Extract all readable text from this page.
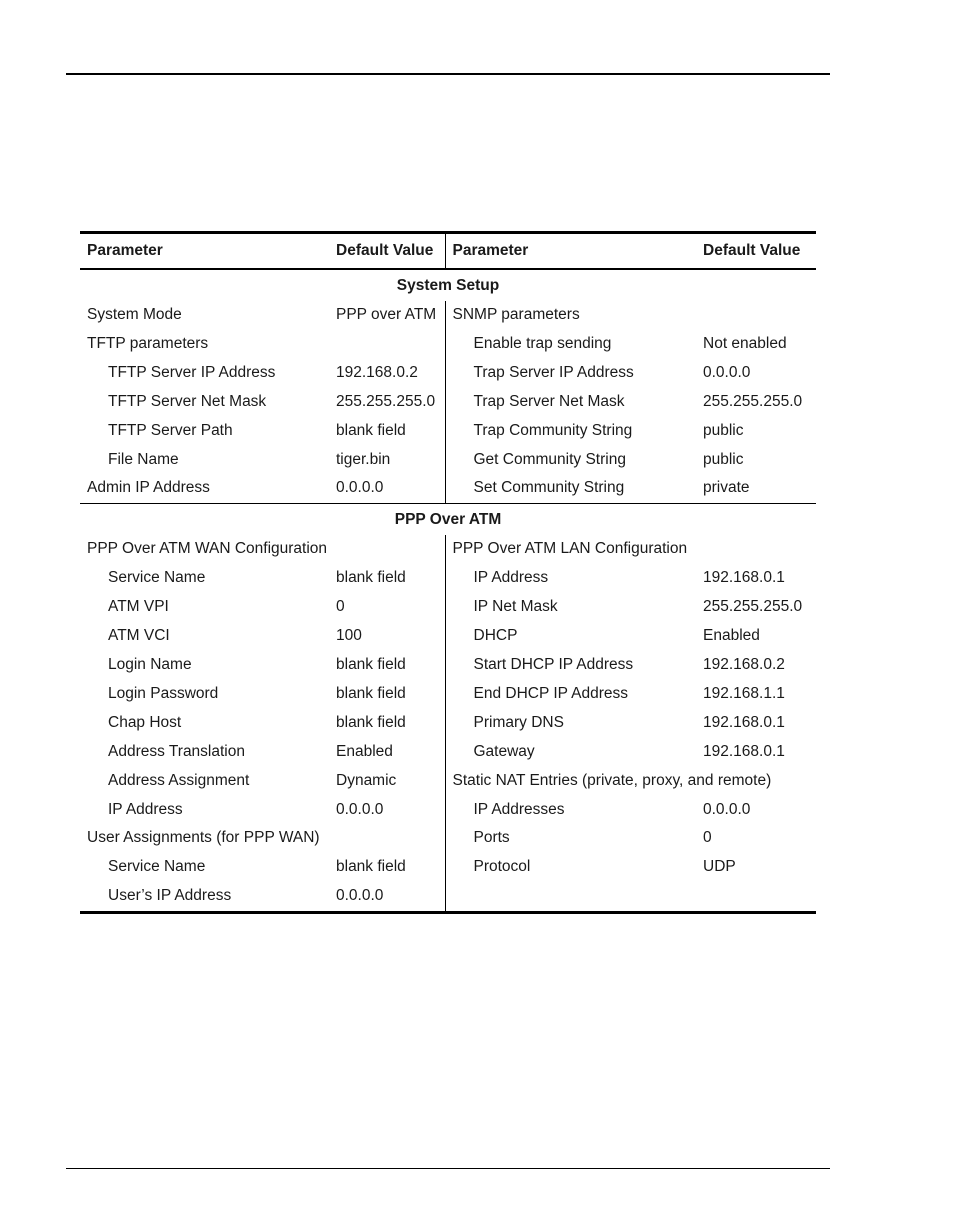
Parameter	Default Value	Parameter	Default Value
System Setup			
System Mode	PPP over ATM	SNMP parameters	
TFTP parameters		Enable trap sending	Not enabled
TFTP Server IP Address	192.168.0.2	Trap Server IP Address	0.0.0.0
TFTP Server Net Mask	255.255.255.0	Trap Server Net Mask	255.255.255.0
TFTP Server Path	blank field	Trap Community String	public
File Name	tiger.bin	Get Community String	public
Admin IP Address	0.0.0.0	Set Community String	private
PPP Over ATM			
PPP Over ATM WAN Configuration		PPP Over ATM LAN Configuration	
Service Name	blank field	IP Address	192.168.0.1
ATM VPI	0	IP Net Mask	255.255.255.0
ATM VCI	100	DHCP	Enabled
Login Name	blank field	Start DHCP IP Address	192.168.0.2
Login Password	blank field	End DHCP IP Address	192.168.1.1
Chap Host	blank field	Primary DNS	192.168.0.1
Address Translation	Enabled	Gateway	192.168.0.1
Address Assignment	Dynamic	Static NAT Entries (private, proxy, and remote)	
IP Address	0.0.0.0	IP Addresses	0.0.0.0
User Assignments (for PPP WAN)		Ports	0
Service Name	blank field	Protocol	UDP
User’s IP Address	0.0.0.0		
